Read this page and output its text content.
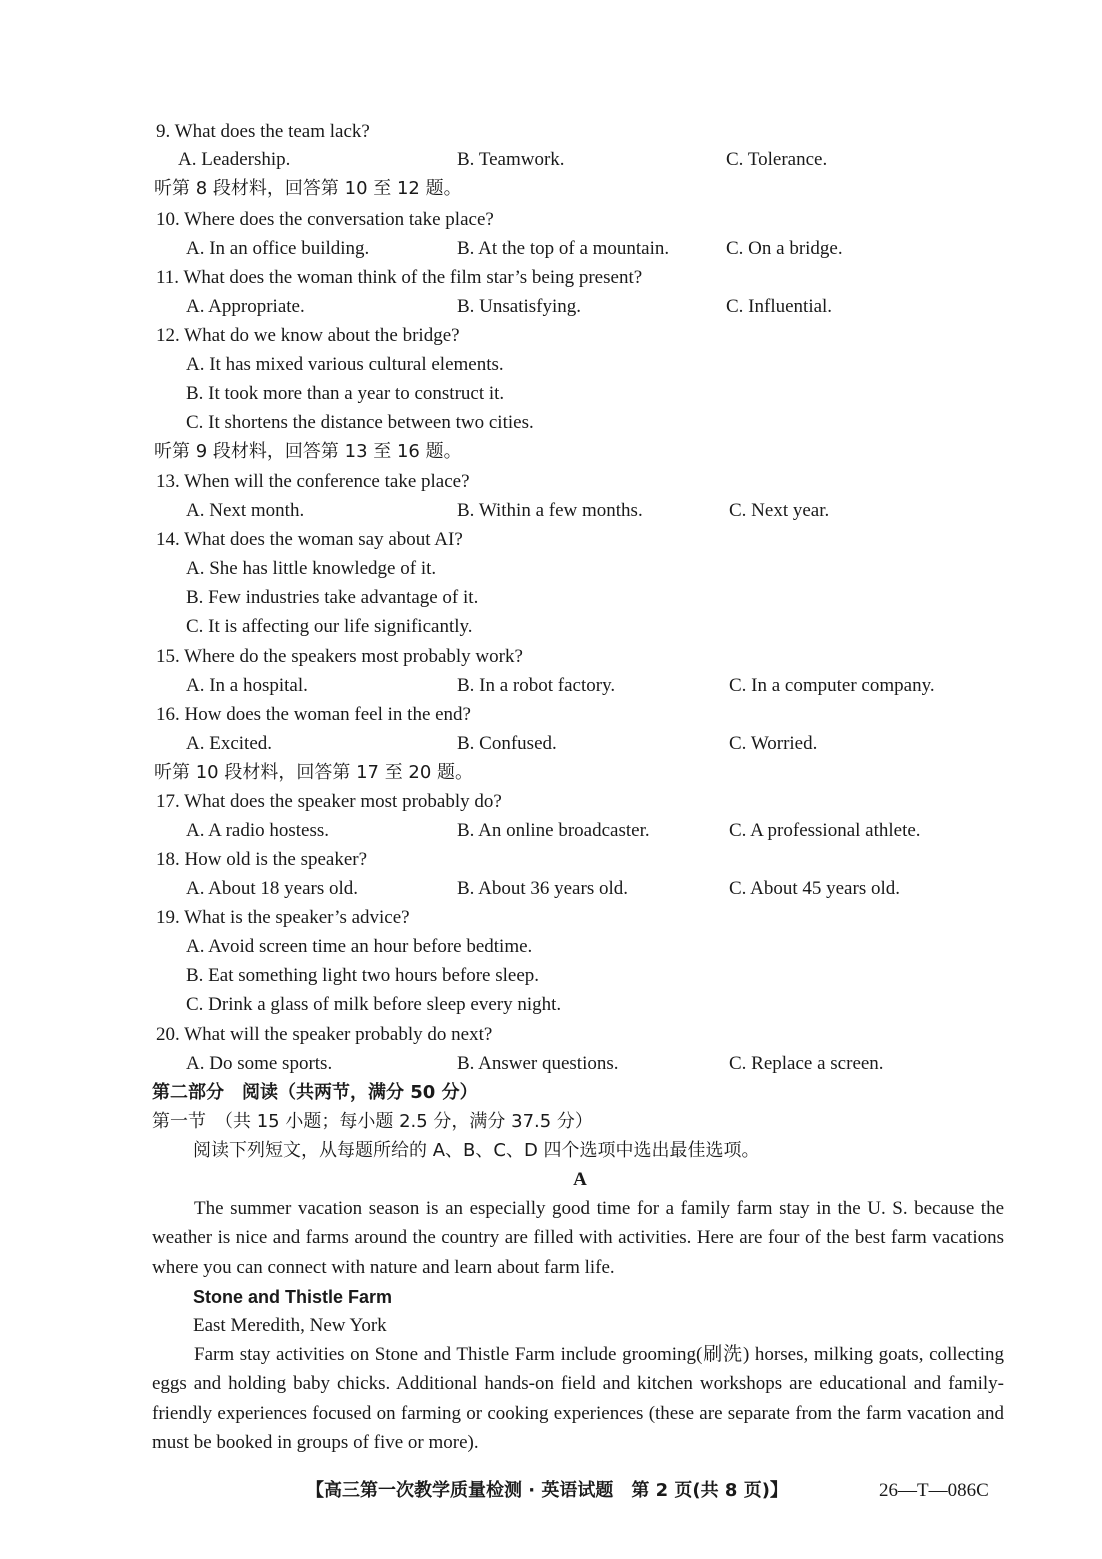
9. What does the team lack?
A. Leadership.	B. Teamwork.	C. Tolerance.
听第 8 段材料，回答第 10 至 12 题。
10. Where does the conversation take place?
A. In an office building.	B. At the top of a mountain.	C. On a bridge.
11. What does the woman think of the film star’s being present?
A. Appropriate.	B. Unsatisfying.	C. Influential.
12. What do we know about the bridge?
A. It has mixed various cultural elements.
B. It took more than a year to construct it.
C. It shortens the distance between two cities.
听第 9 段材料，回答第 13 至 16 题。
13. When will the conference take place?
A. Next month.	B. Within a few months.	C. Next year.
14. What does the woman say about AI?
A. She has little knowledge of it.
B. Few industries take advantage of it.
C. It is affecting our life significantly.
15. Where do the speakers most probably work?
A. In a hospital.	B. In a robot factory.	C. In a computer company.
16. How does the woman feel in the end?
A. Excited.	B. Confused.	C. Worried.
听第 10 段材料，回答第 17 至 20 题。
17. What does the speaker most probably do?
A. A radio hostess.	B. An online broadcaster.	C. A professional athlete.
18. How old is the speaker?
A. About 18 years old.	B. About 36 years old.	C. About 45 years old.
19. What is the speaker’s advice?
A. Avoid screen time an hour before bedtime.
B. Eat something light two hours before sleep.
C. Drink a glass of milk before sleep every night.
20. What will the speaker probably do next?
A. Do some sports.	B. Answer questions.	C. Replace a screen.
第二部分　阅读（共两节，满分 50 分）
第一节　（共 15 小题；每小题 2.5 分，满分 37.5 分）
阅读下列短文，从每题所给的 A、B、C、D 四个选项中选出最佳选项。
A
The summer vacation season is an especially good time for a family farm stay in the U. S. because the weather is nice and farms around the country are filled with activities. Here are four of the best farm vacations where you can connect with nature and learn about farm life.
Stone and Thistle Farm
East Meredith, New York
Farm stay activities on Stone and Thistle Farm include grooming(刷洗) horses, milking goats, collecting eggs and holding baby chicks. Additional hands-on field and kitchen workshops are educational and family-friendly experiences focused on farming or cooking experiences (these are separate from the farm vacation and must be booked in groups of five or more).
【高三第一次教学质量检测 · 英语试题　第 2 页(共 8 页)】	26—T—086C
